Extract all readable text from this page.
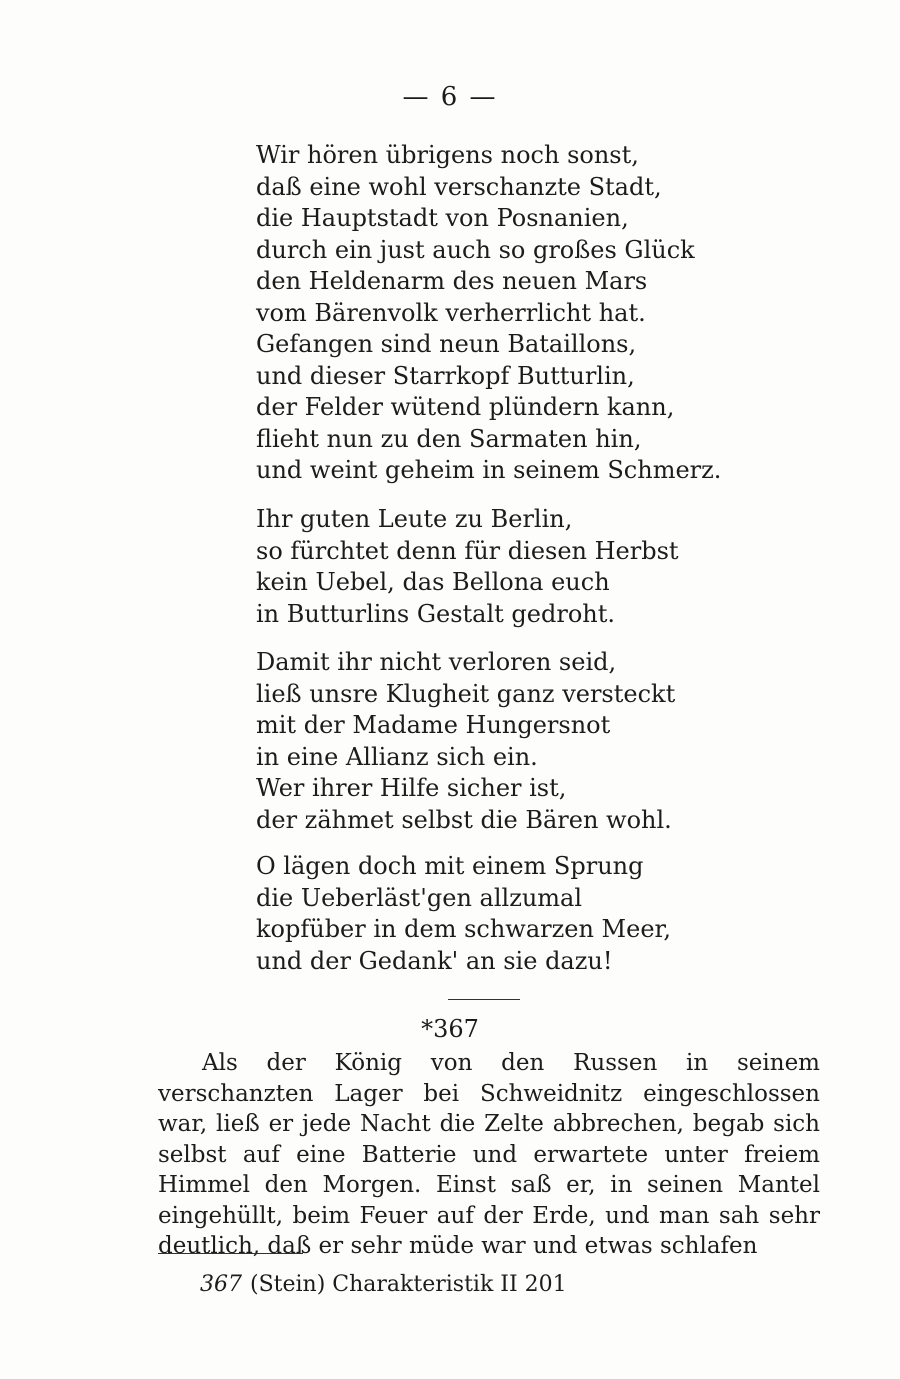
— 6 —
Wir hören übrigens noch sonst,
daß eine wohl verschanzte Stadt,
die Hauptstadt von Posnanien,
durch ein just auch so großes Glück
den Heldenarm des neuen Mars
vom Bärenvolk verherrlicht hat.
Gefangen sind neun Bataillons,
und dieser Starrkopf Butturlin,
der Felder wütend plündern kann,
flieht nun zu den Sarmaten hin,
und weint geheim in seinem Schmerz.
Ihr guten Leute zu Berlin,
so fürchtet denn für diesen Herbst
kein Uebel, das Bellona euch
in Butturlins Gestalt gedroht.
Damit ihr nicht verloren seid,
ließ unsre Klugheit ganz versteckt
mit der Madame Hungersnot
in eine Allianz sich ein.
Wer ihrer Hilfe sicher ist,
der zähmet selbst die Bären wohl.
O lägen doch mit einem Sprung
die Ueberläst'gen allzumal
kopfüber in dem schwarzen Meer,
und der Gedank' an sie dazu!
*367
Als der König von den Russen in seinem verschanzten Lager bei Schweidnitz eingeschlossen war, ließ er jede Nacht die Zelte abbrechen, begab sich selbst auf eine Batterie und erwartete unter freiem Himmel den Morgen. Einst saß er, in seinen Mantel eingehüllt, beim Feuer auf der Erde, und man sah sehr deutlich, daß er sehr müde war und etwas schlafen
367 (Stein) Charakteristik II 201
